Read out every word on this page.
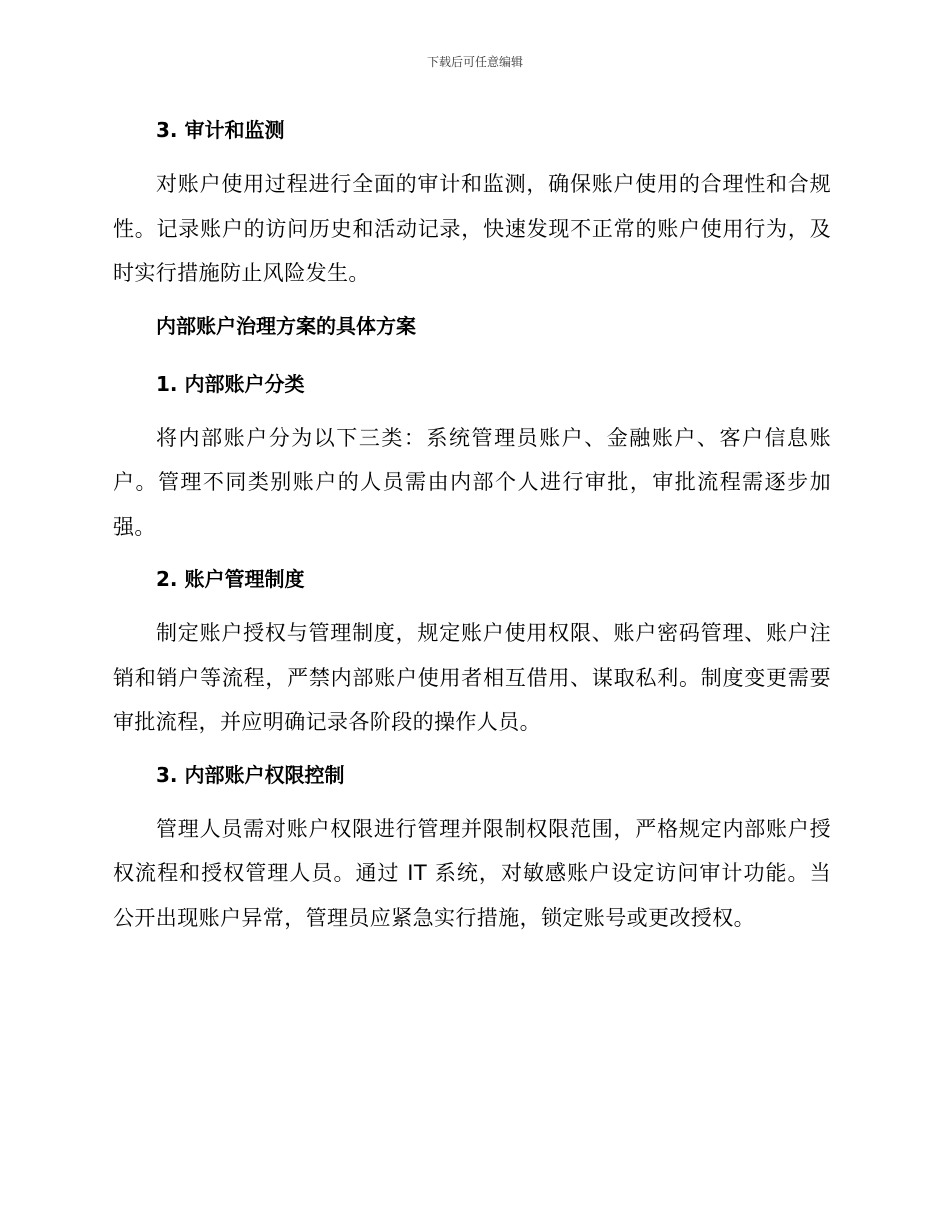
下载后可任意编辑
3. 审计和监测

对账户使用过程进行全面的审计和监测，确保账户使用的合理性和合规性。记录账户的访问历史和活动记录，快速发现不正常的账户使用行为，及时实行措施防止风险发生。

内部账户治理方案的具体方案
1. 内部账户分类

将内部账户分为以下三类：系统管理员账户、金融账户、客户信息账户。管理不同类别账户的人员需由内部个人进行审批，审批流程需逐步加强。

2. 账户管理制度

制定账户授权与管理制度，规定账户使用权限、账户密码管理、账户注销和销户等流程，严禁内部账户使用者相互借用、谋取私利。制度变更需要审批流程，并应明确记录各阶段的操作人员。

3. 内部账户权限控制

管理人员需对账户权限进行管理并限制权限范围，严格规定内部账户授权流程和授权管理人员。通过 IT 系统，对敏感账户设定访问审计功能。当公开出现账户异常，管理员应紧急实行措施，锁定账号或更改授权。
